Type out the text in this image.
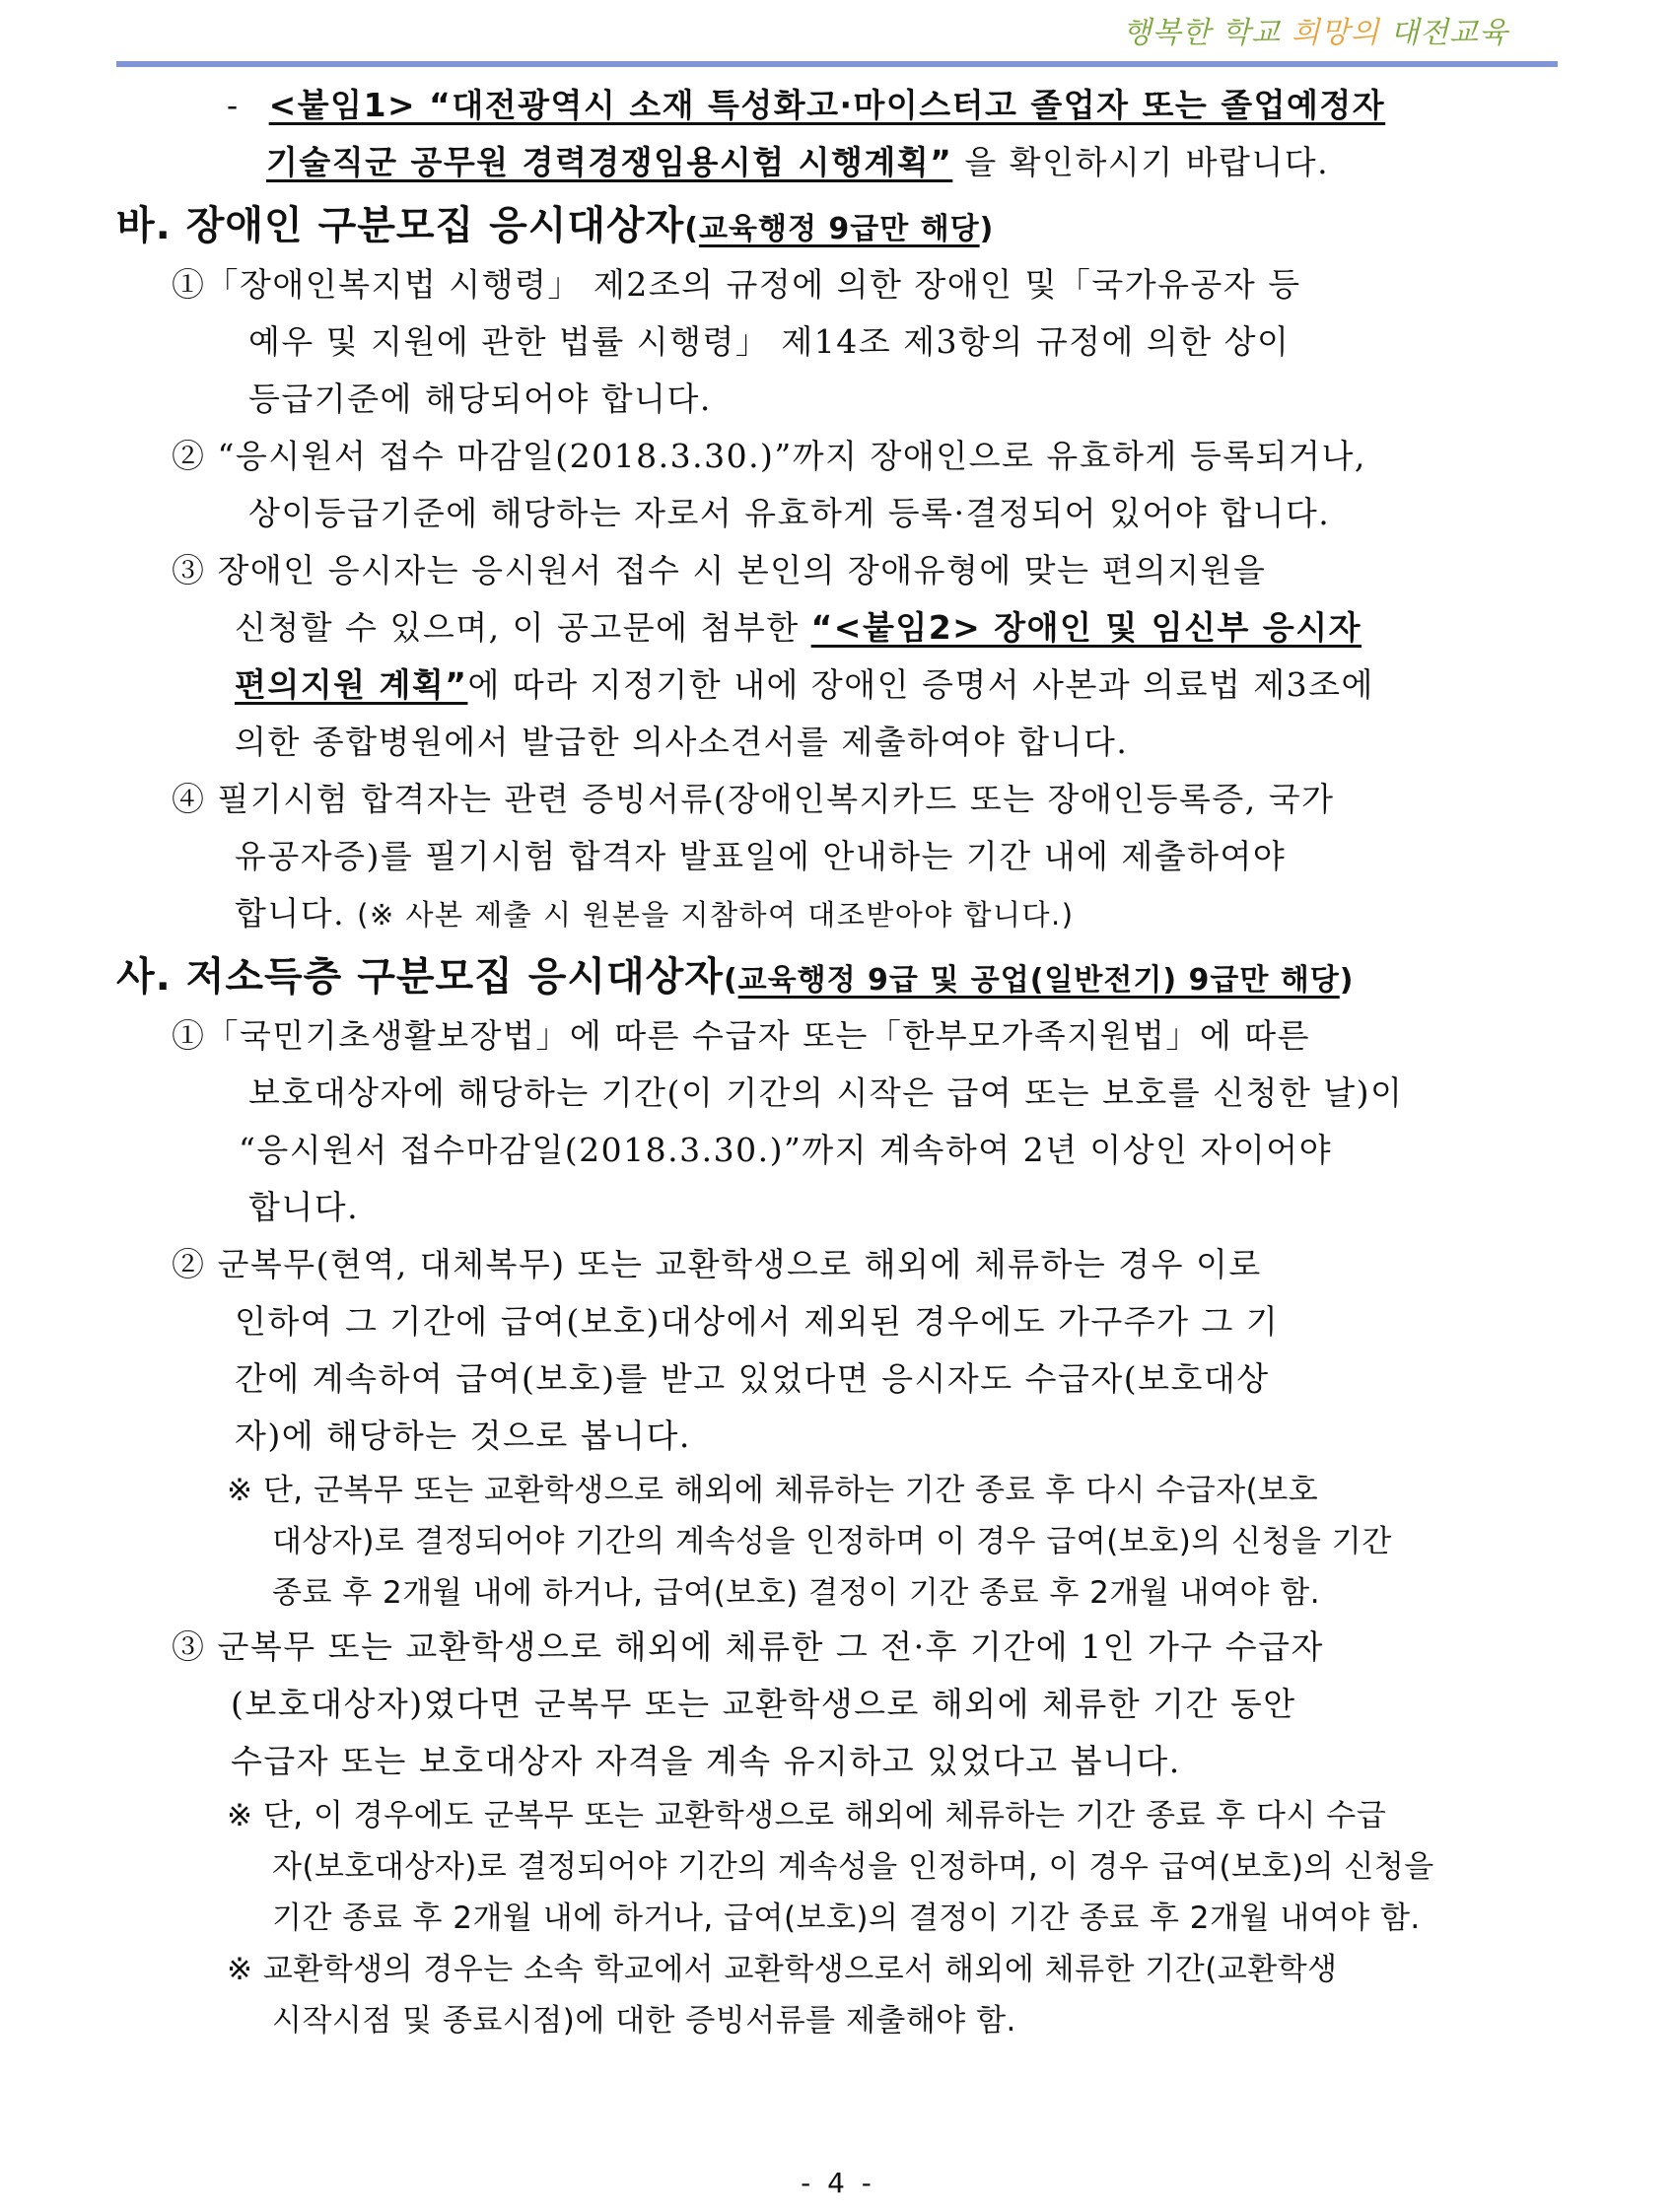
행복한 학교 희망의 대전교육
- <붙임1> “대전광역시 소재 특성화고·마이스터고 졸업자 또는 졸업예정자
기술직군 공무원 경력경쟁임용시험 시행계획” 을 확인하시기 바랍니다.
바. 장애인 구분모집 응시대상자(교육행정 9급만 해당)
①「장애인복지법 시행령」 제2조의 규정에 의한 장애인 및「국가유공자 등
예우 및 지원에 관한 법률 시행령」 제14조 제3항의 규정에 의한 상이
등급기준에 해당되어야 합니다.
② “응시원서 접수 마감일(2018.3.30.)”까지 장애인으로 유효하게 등록되거나,
상이등급기준에 해당하는 자로서 유효하게 등록·결정되어 있어야 합니다.
③ 장애인 응시자는 응시원서 접수 시 본인의 장애유형에 맞는 편의지원을
신청할 수 있으며, 이 공고문에 첨부한 “<붙임2> 장애인 및 임신부 응시자
편의지원 계획”에 따라 지정기한 내에 장애인 증명서 사본과 의료법 제3조에
의한 종합병원에서 발급한 의사소견서를 제출하여야 합니다.
④ 필기시험 합격자는 관련 증빙서류(장애인복지카드 또는 장애인등록증, 국가
유공자증)를 필기시험 합격자 발표일에 안내하는 기간 내에 제출하여야
합니다. (※ 사본 제출 시 원본을 지참하여 대조받아야 합니다.)
사. 저소득층 구분모집 응시대상자(교육행정 9급 및 공업(일반전기) 9급만 해당)
①「국민기초생활보장법」에 따른 수급자 또는「한부모가족지원법」에 따른
보호대상자에 해당하는 기간(이 기간의 시작은 급여 또는 보호를 신청한 날)이
“응시원서 접수마감일(2018.3.30.)”까지 계속하여 2년 이상인 자이어야
합니다.
② 군복무(현역, 대체복무) 또는 교환학생으로 해외에 체류하는 경우 이로
인하여 그 기간에 급여(보호)대상에서 제외된 경우에도 가구주가 그 기
간에 계속하여 급여(보호)를 받고 있었다면 응시자도 수급자(보호대상
자)에 해당하는 것으로 봅니다.
※ 단, 군복무 또는 교환학생으로 해외에 체류하는 기간 종료 후 다시 수급자(보호
대상자)로 결정되어야 기간의 계속성을 인정하며 이 경우 급여(보호)의 신청을 기간
종료 후 2개월 내에 하거나, 급여(보호) 결정이 기간 종료 후 2개월 내여야 함.
③ 군복무 또는 교환학생으로 해외에 체류한 그 전·후 기간에 1인 가구 수급자
(보호대상자)였다면 군복무 또는 교환학생으로 해외에 체류한 기간 동안
수급자 또는 보호대상자 자격을 계속 유지하고 있었다고 봅니다.
※ 단, 이 경우에도 군복무 또는 교환학생으로 해외에 체류하는 기간 종료 후 다시 수급
자(보호대상자)로 결정되어야 기간의 계속성을 인정하며, 이 경우 급여(보호)의 신청을
기간 종료 후 2개월 내에 하거나, 급여(보호)의 결정이 기간 종료 후 2개월 내여야 함.
※ 교환학생의 경우는 소속 학교에서 교환학생으로서 해외에 체류한 기간(교환학생
시작시점 및 종료시점)에 대한 증빙서류를 제출해야 함.
- 4 -
